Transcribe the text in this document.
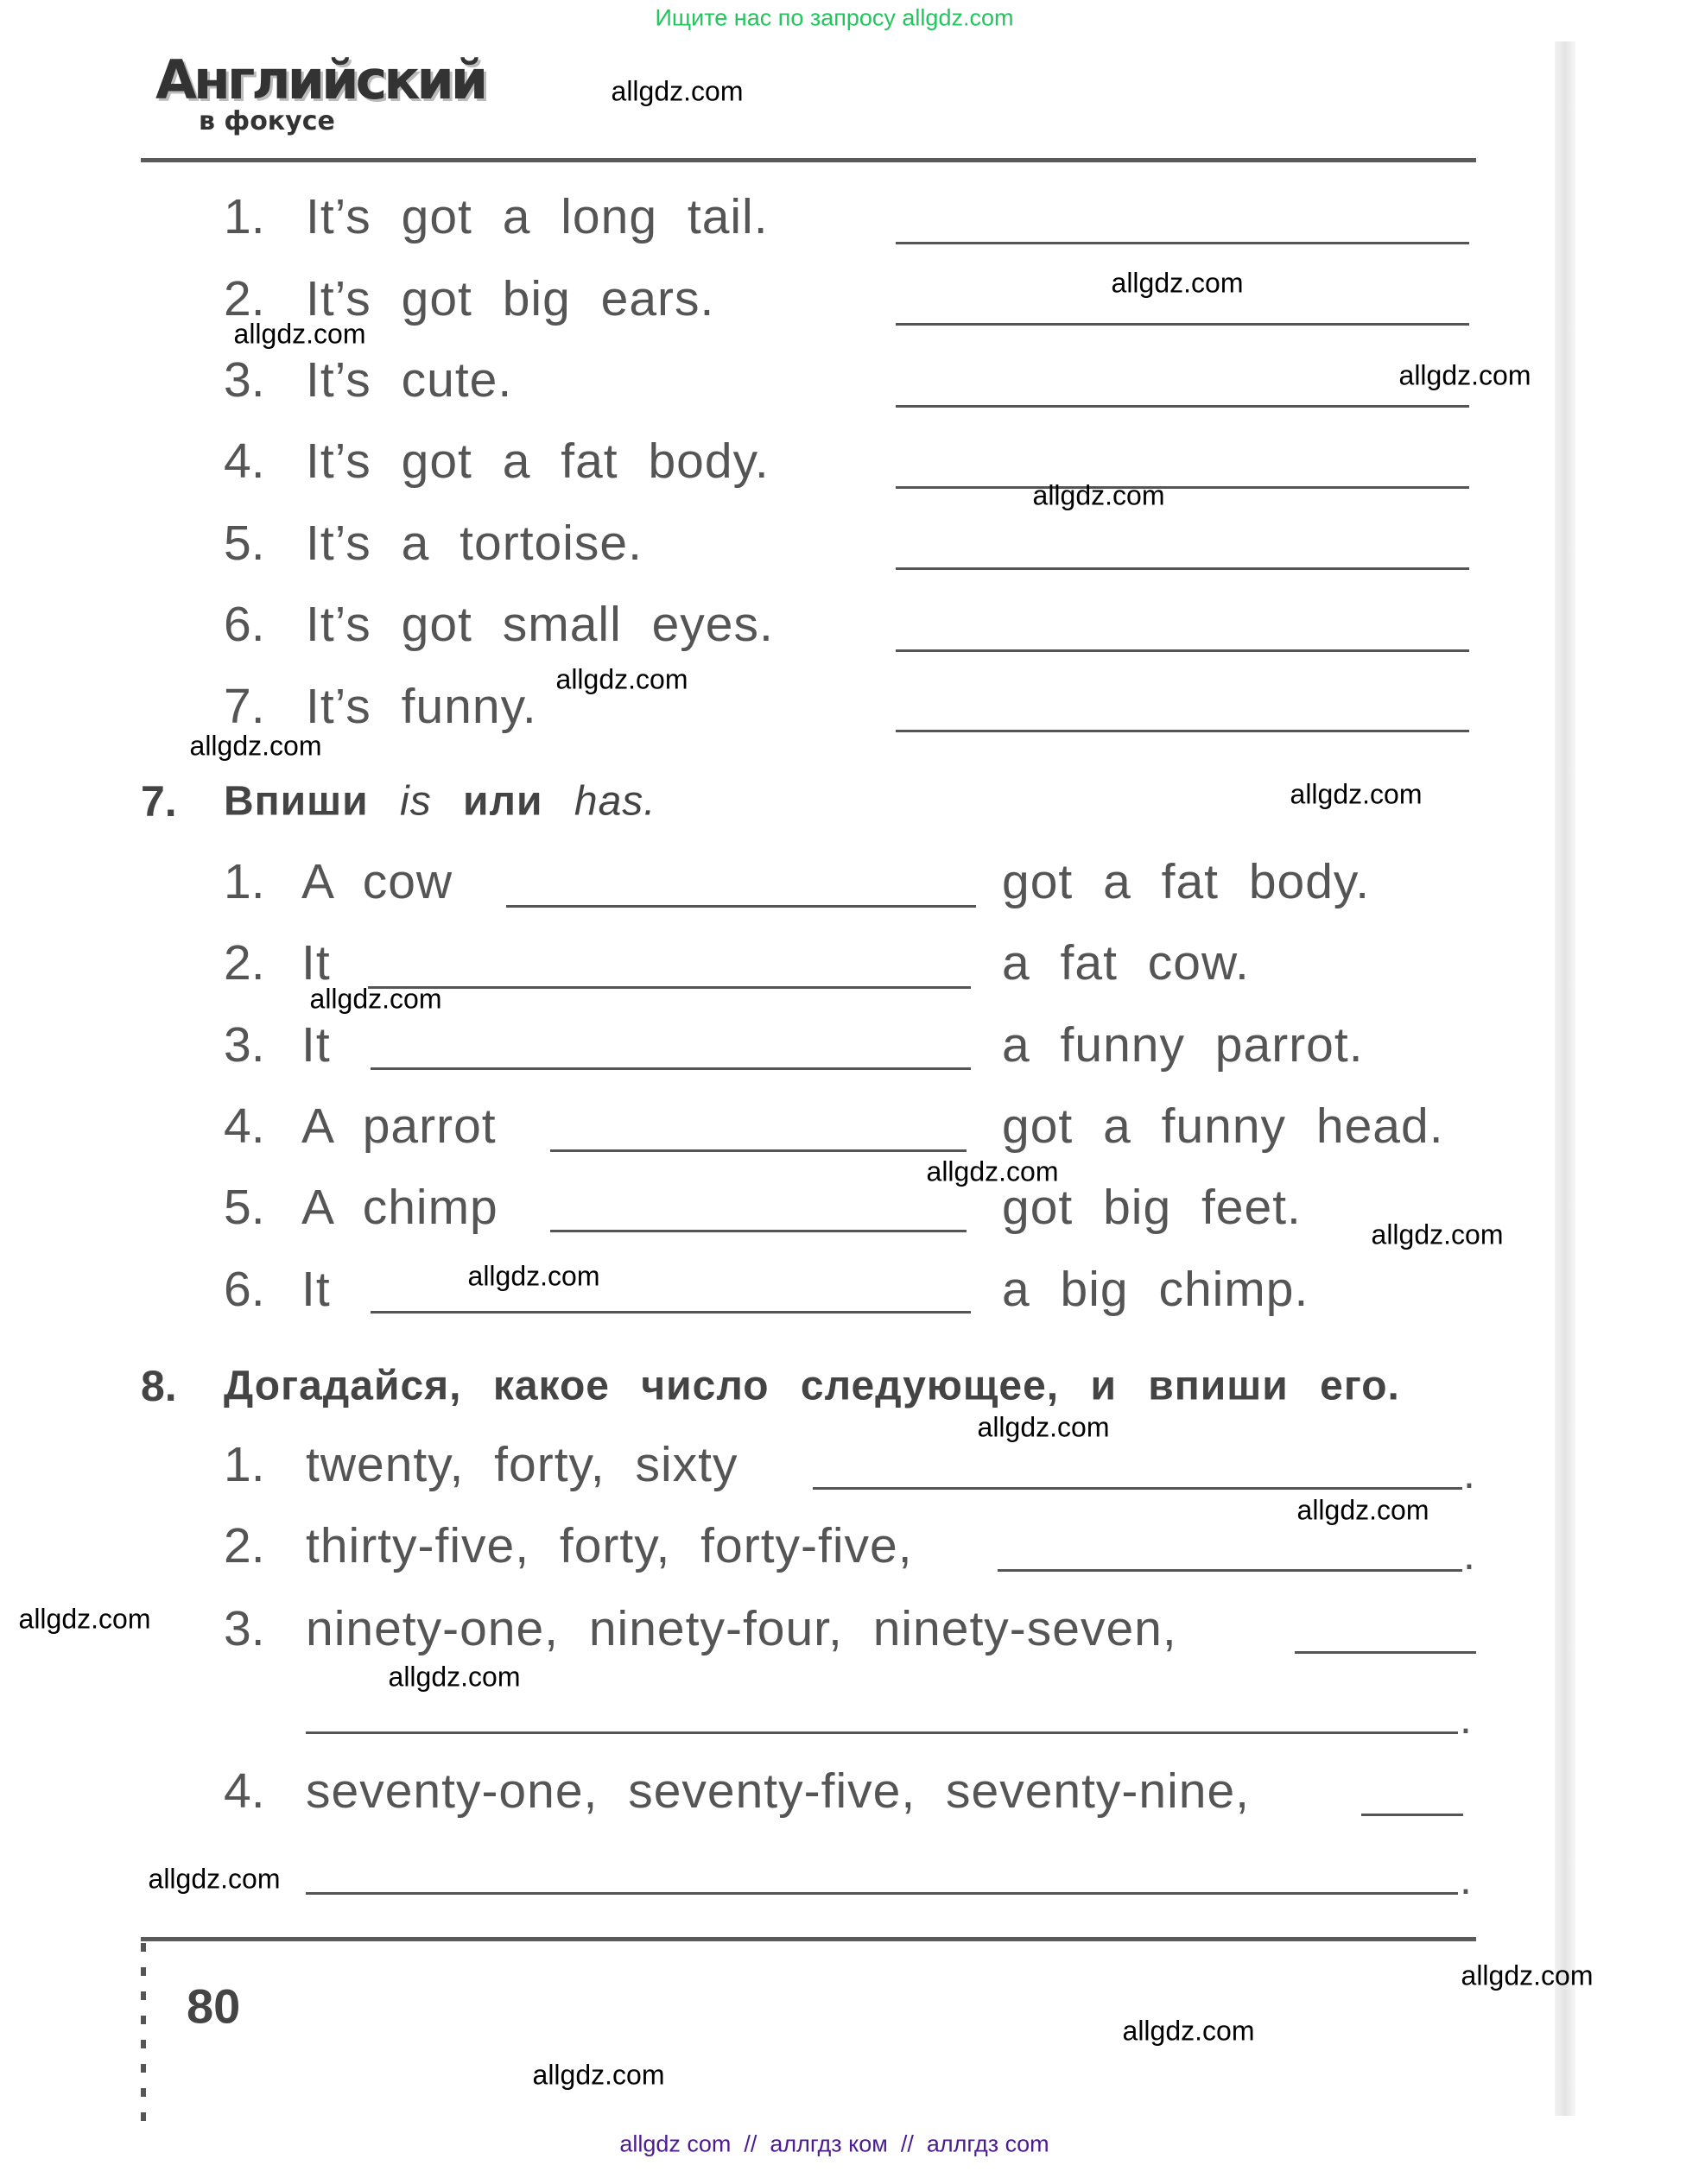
Ищите нас по запросу allgdz.com
Английский
в фокусе
1. It’s got a long tail.
2. It’s got big ears.
3. It’s cute.
4. It’s got a fat body.
5. It’s a tortoise.
6. It’s got small eyes.
7. It’s funny.
7. Впиши is или has.
1. A cow	got a fat body.
2. It	a fat cow.
3. It	a funny parrot.
4. A parrot	got a funny head.
5. A chimp	got big feet.
6. It	a big chimp.
8. Догадайся, какое число следующее, и впиши его.
1. twenty, forty, sixty	.
2. thirty-five, forty, forty-five,	.
3. ninety-one, ninety-four, ninety-seven,
.
4. seventy-one, seventy-five, seventy-nine,
.
80
allgdz.com
allgdz.com
allgdz.com
allgdz.com
allgdz.com
allgdz.com
allgdz.com
allgdz.com
allgdz.com
allgdz.com
allgdz.com
allgdz.com
allgdz.com
allgdz.com
allgdz.com
allgdz.com
allgdz.com
allgdz.com
allgdz.com
allgdz.com
allgdz com  //  аллгдз ком  //  аллгдз com
